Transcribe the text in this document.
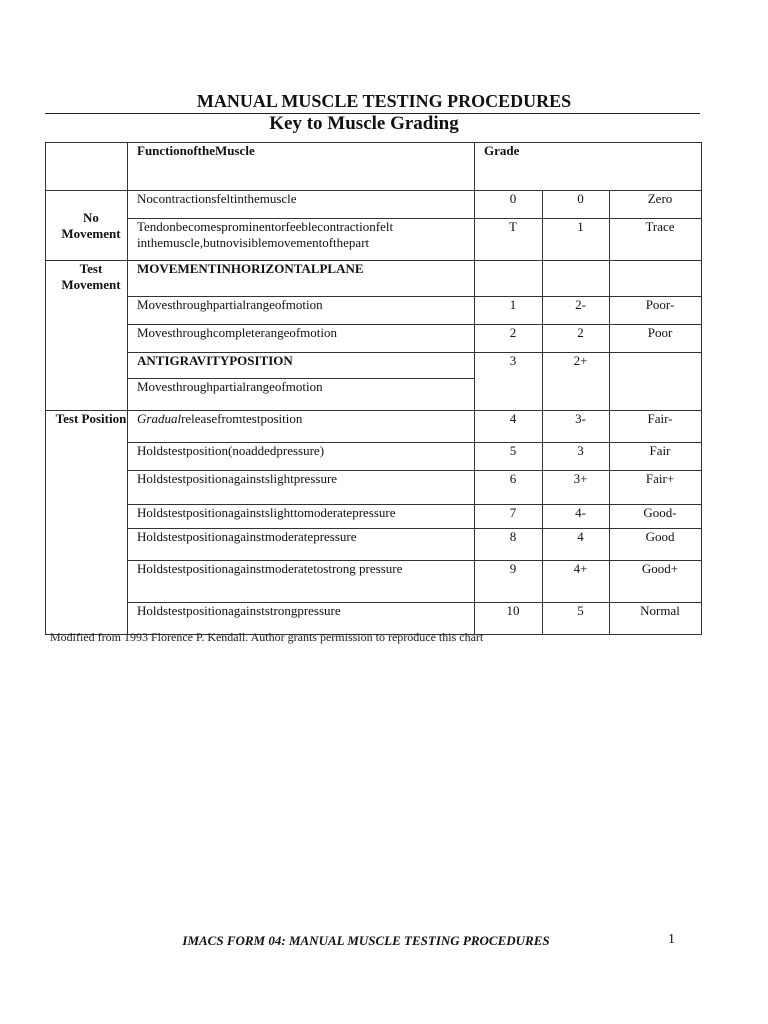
MANUAL MUSCLE TESTING PROCEDURES
Key to Muscle Grading
	FunctionoftheMuscle	Grade		
No Movement	Nocontractionsfeltinthemuscle	0	0	Zero
	Tendonbecomesprominentorfeeblecontractionfelt inthemuscle,butnovisiblemovementofthepart	T	1	Trace
Test Movement	MOVEMENTINHORIZONTALPLANE			
	Movesthroughpartialrangeofmotion	1	2-	Poor-
	Movesthroughcompleterangeofmotion	2	2	Poor
	ANTIGRAVITYPOSITION	3	2+	
	Movesthroughpartialrangeofmotion			
Test Position	Gradualreleasefromtestposition	4	3-	Fair-
	Holdstestposition(noaddedpressure)	5	3	Fair
	Holdstestpositionagainstslightpressure	6	3+	Fair+
	Holdstestpositionagainstslighttomoderatepressure	7	4-	Good-
	Holdstestpositionagainstmoderatepressure	8	4	Good
	Holdstestpositionagainstmoderatetostrong pressure	9	4+	Good+
	Holdstestpositionagainststrongpressure	10	5	Normal
Modified from 1993 Florence P. Kendall. Author grants permission to reproduce this chart
IMACS FORM 04: MANUAL MUSCLE TESTING PROCEDURES	1
